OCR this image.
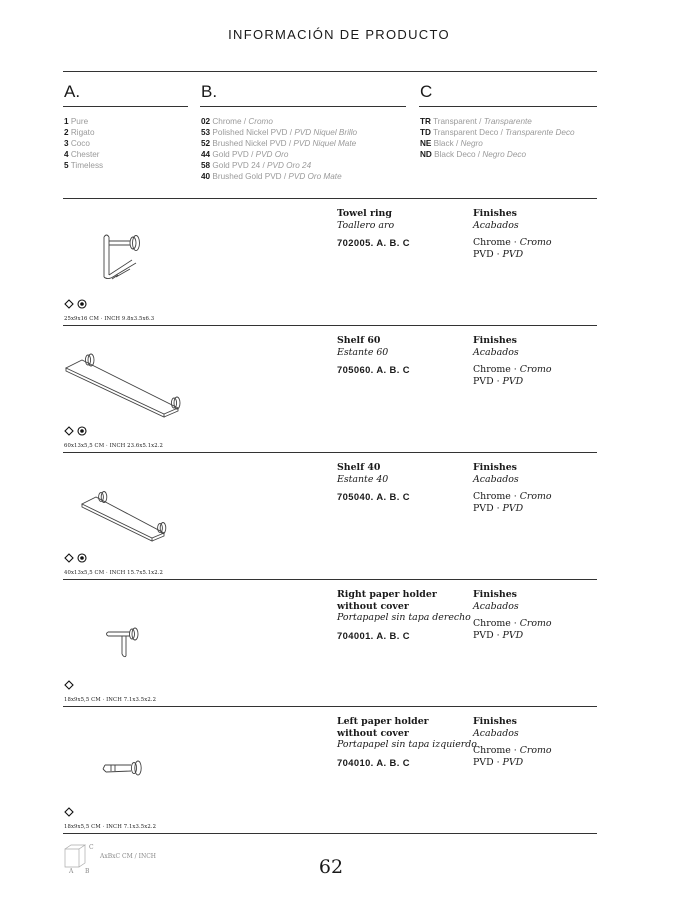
INFORMACIÓN DE PRODUCTO
A.
1 Pure
2 Rigato
3 Coco
4 Chester
5 Timeless
B.
02 Chrome / Cromo
53 Polished Nickel PVD / PVD Niquel Brillo
52 Brushed Nickel PVD / PVD Niquel Mate
44 Gold PVD / PVD Oro
58 Gold PVD 24 / PVD Oro 24
40 Brushed Gold PVD / PVD Oro Mate
C
TR Transparent / Transparente
TD Transparent Deco / Transparente Deco
NE Black / Negro
ND Black Deco / Negro Deco
25x9x16 CM · INCH 9.8x3.5x6.3
Towel ring
Toallero aro
702005. A. B. C
Finishes
Acabados
Chrome · Cromo
PVD · PVD
60x13x5,5 CM · INCH 23.6x5.1x2.2
Shelf 60
Estante 60
705060. A. B. C
Finishes
Acabados
Chrome · Cromo
PVD · PVD
40x13x5,5 CM · INCH 15.7x5.1x2.2
Shelf 40
Estante 40
705040. A. B. C
Finishes
Acabados
Chrome · Cromo
PVD · PVD
18x9x5,5 CM · INCH 7.1x3.5x2.2
Right paper holder
without cover
Portapapel sin tapa derecho
704001. A. B. C
Finishes
Acabados
Chrome · Cromo
PVD · PVD
18x9x5,5 CM · INCH 7.1x3.5x2.2
Left paper holder
without cover
Portapapel sin tapa izquierdo
704010. A. B. C
Finishes
Acabados
Chrome · Cromo
PVD · PVD
C
A B
AxBxC CM / INCH	62
